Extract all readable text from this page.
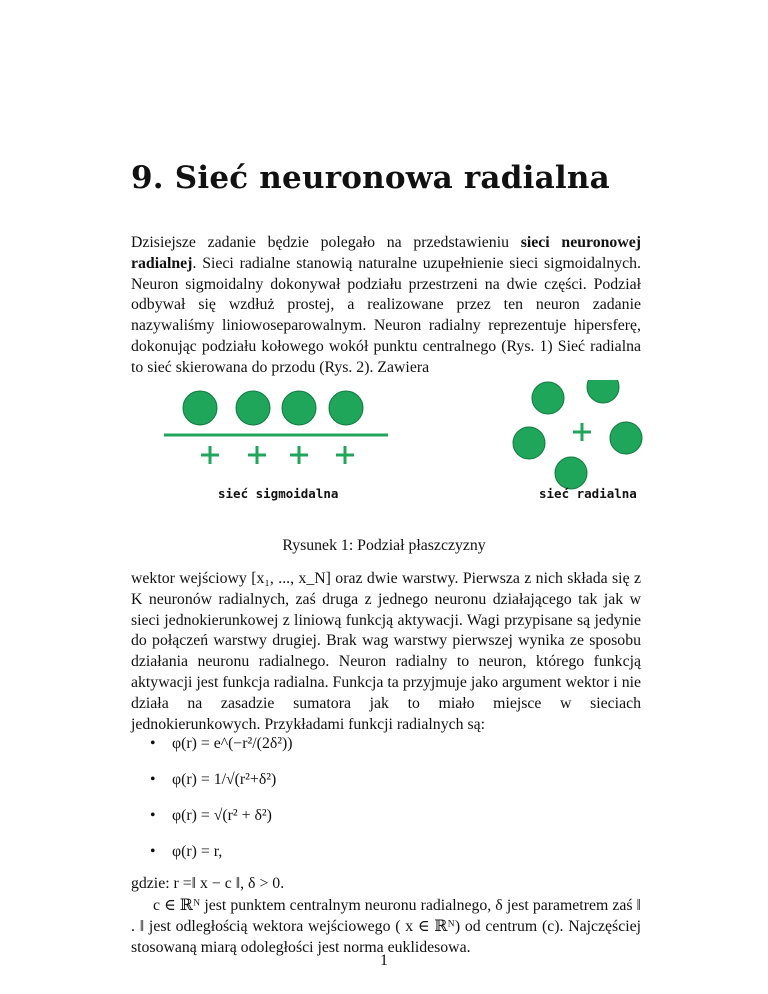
9. Sieć neuronowa radialna

Dzisiejsze zadanie będzie polegało na przedstawieniu sieci neuronowej radialnej. Sieci radialne stanowią naturalne uzupełnienie sieci sigmoidalnych. Neuron sigmoidalny dokonywał podziału przestrzeni na dwie części. Podział odbywał się wzdłuż prostej, a realizowane przez ten neuron zadanie nazywaliśmy liniowoseparowalnym. Neuron radialny reprezentuje hipersferę, dokonując podziału kołowego wokół punktu centralnego (Rys. 1) Sieć radialna to sieć skierowana do przodu (Rys. 2). Zawiera

sieć sigmoidalna	sieć radialna
Rysunek 1: Podział płaszczyzny

wektor wejściowy [x₁, ..., x_N] oraz dwie warstwy. Pierwsza z nich składa się z K neuronów radialnych, zaś druga z jednego neuronu działającego tak jak w sieci jednokierunkowej z liniową funkcją aktywacji. Wagi przypisane są jedynie do połączeń warstwy drugiej. Brak wag warstwy pierwszej wynika ze sposobu działania neuronu radialnego. Neuron radialny to neuron, którego funkcją aktywacji jest funkcja radialna. Funkcja ta przyjmuje jako argument wektor i nie działa na zasadzie sumatora jak to miało miejsce w sieciach jednokierunkowych. Przykładami funkcji radialnych są:

• φ(r) = e^(−r²/(2δ²))
• φ(r) = 1/√(r²+δ²)
• φ(r) = √(r² + δ²)
• φ(r) = r,
gdzie: r =‖ x − c ‖, δ > 0.
c ∈ ℝᴺ jest punktem centralnym neuronu radialnego, δ jest parametrem zaś ‖ . ‖ jest odległością wektora wejściowego ( x ∈ ℝᴺ) od centrum (c). Najczęściej stosowaną miarą odoległości jest norma euklidesowa.
1
